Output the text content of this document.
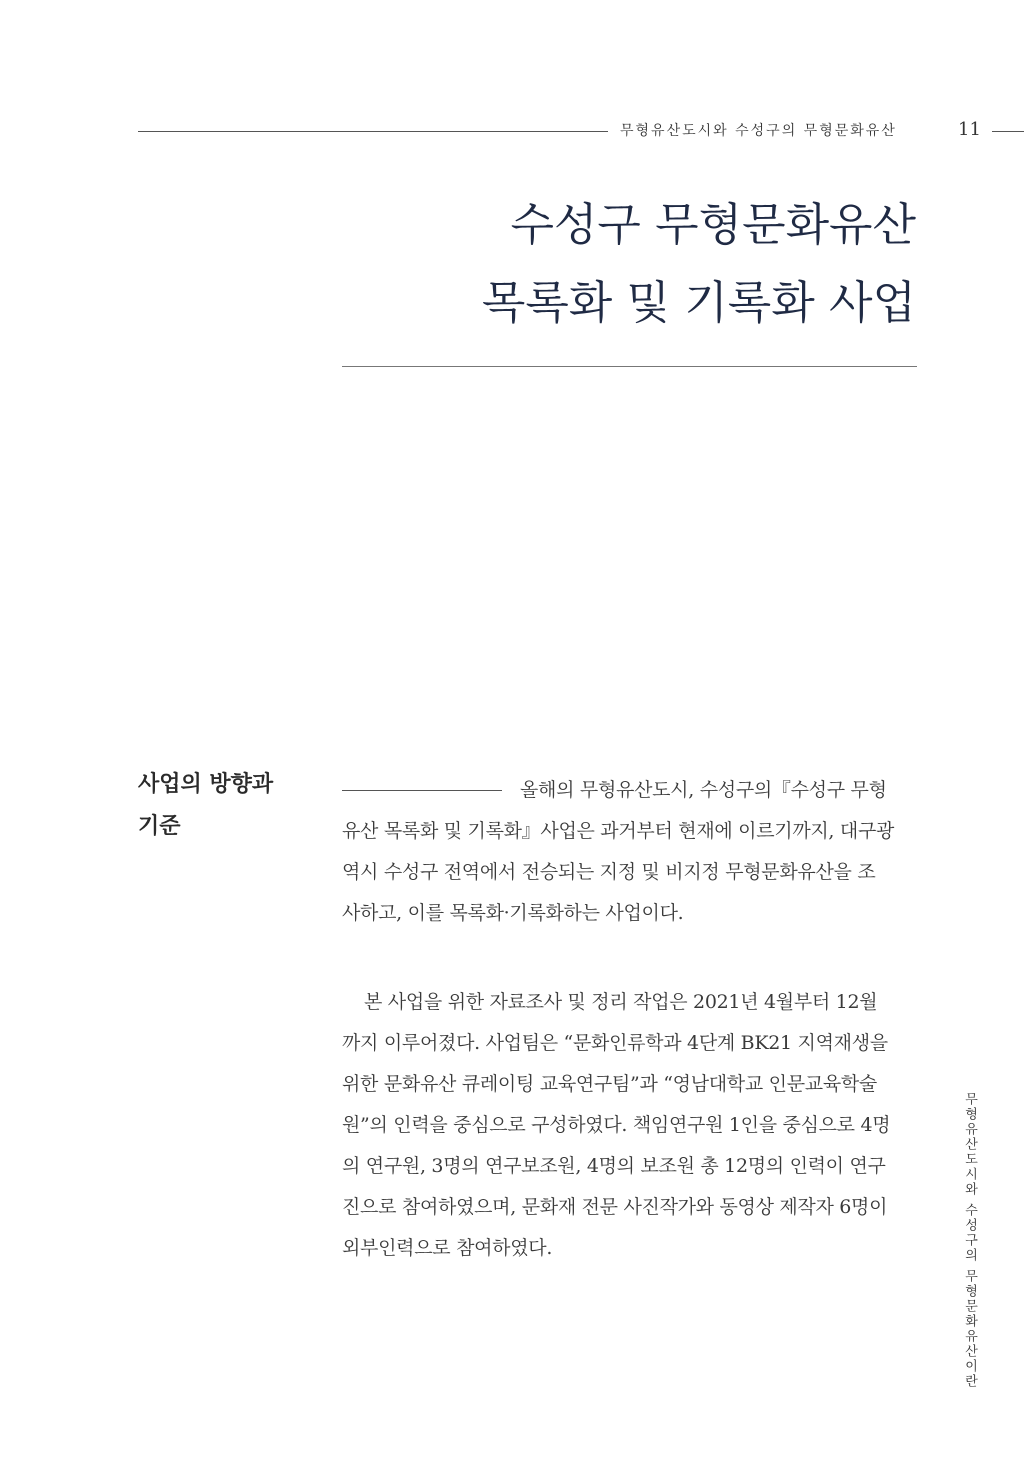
무형유산도시와 수성구의 무형문화유산	11
수성구 무형문화유산
목록화 및 기록화 사업
사업의 방향과
기준

올해의 무형유산도시, 수성구의『수성구 무형
유산 목록화 및 기록화』사업은 과거부터 현재에 이르기까지, 대구광
역시 수성구 전역에서 전승되는 지정 및 비지정 무형문화유산을 조
사하고, 이를 목록화·기록화하는 사업이다.

본 사업을 위한 자료조사 및 정리 작업은 2021년 4월부터 12월
까지 이루어졌다. 사업팀은 “문화인류학과 4단계 BK21 지역재생을
위한 문화유산 큐레이팅 교육연구팀”과 “영남대학교 인문교육학술
원”의 인력을 중심으로 구성하였다. 책임연구원 1인을 중심으로 4명
의 연구원, 3명의 연구보조원, 4명의 보조원 총 12명의 인력이 연구
진으로 참여하였으며, 문화재 전문 사진작가와 동영상 제작자 6명이
외부인력으로 참여하였다.	무형유산도시와 수성구의 무형문화유산이란
